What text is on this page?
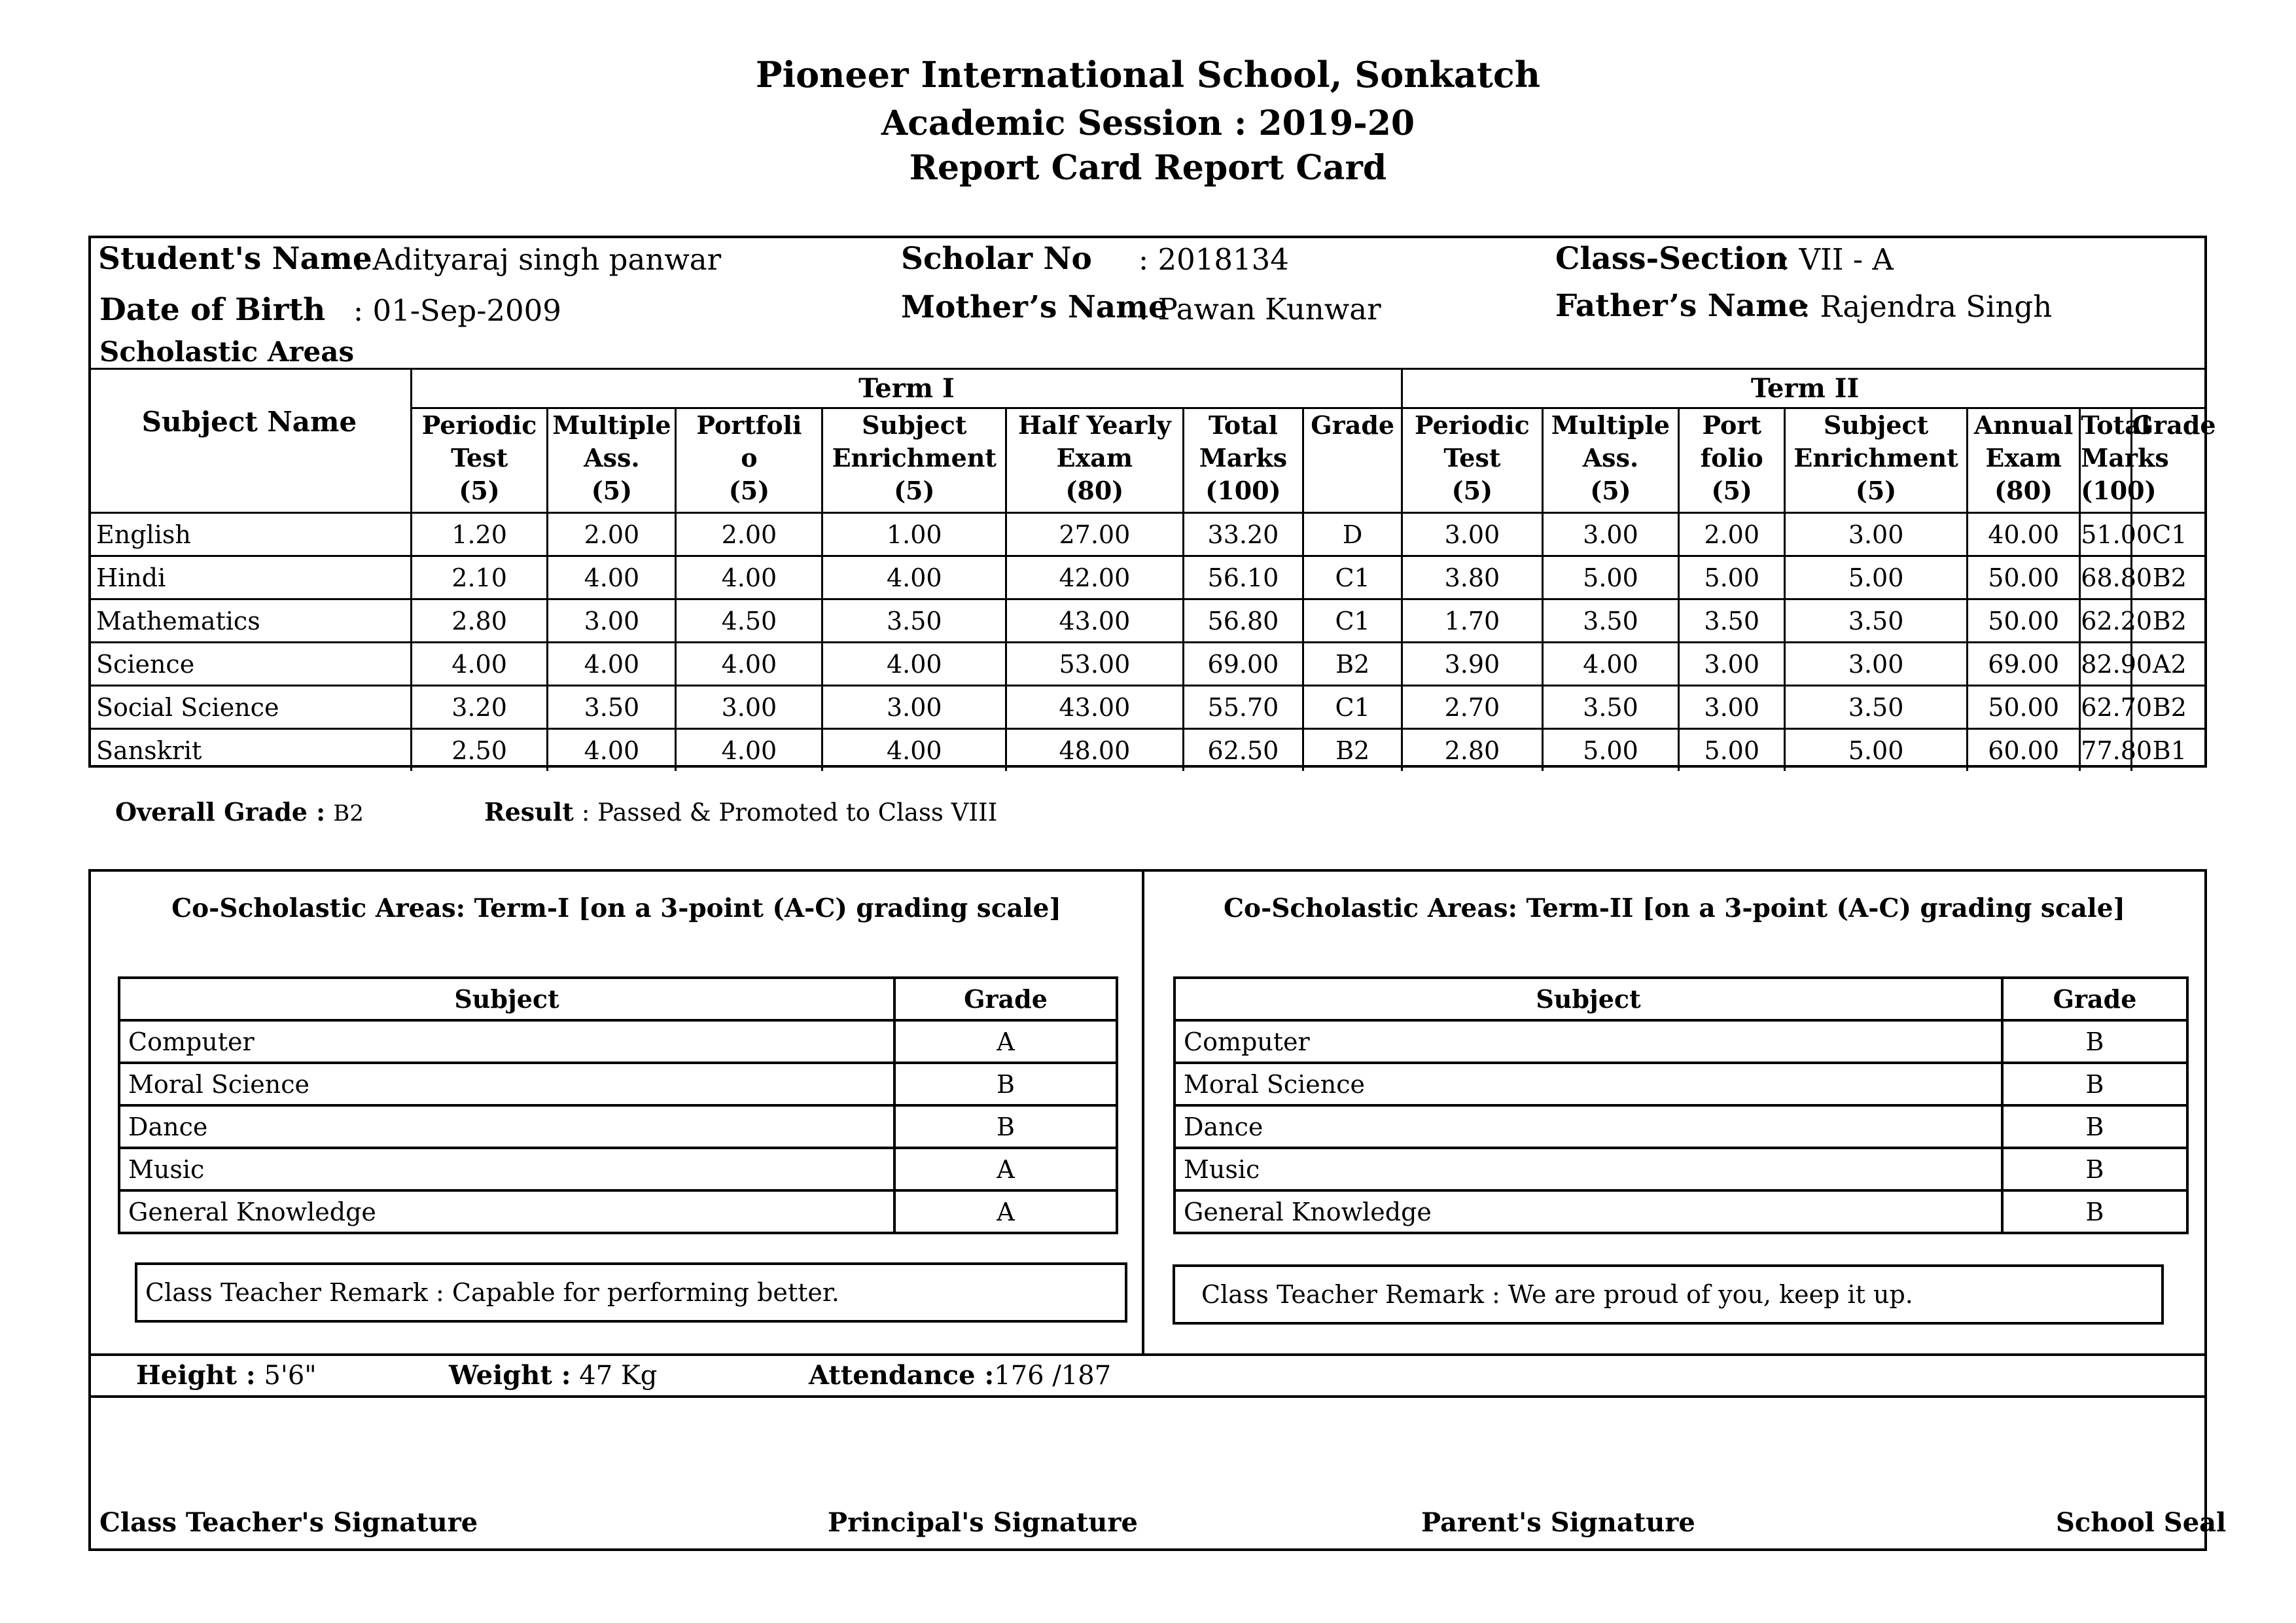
Pioneer International School, Sonkatch
Academic Session : 2019-20
Report Card Report Card
Student's Name
: Adityaraj singh panwar	Scholar No : 2018134	Class-Section
: VII - A
Date of Birth : 01-Sep-2009	Mother’s Name
: Pawan Kunwar	Father’s Name
: Rajendra Singh
Scholastic Areas
Subject Name	Term I							Term II						
	Periodic
Test
(5)	Multiple
Ass.
(5)	Portfoli
o
(5)	Subject
Enrichment
(5)	Half Yearly
Exam
(80)	Total
Marks
(100)	Grade	Periodic
Test
(5)	Multiple
Ass.
(5)	Port
folio
(5)	Subject
Enrichment
(5)	Annual
Exam
(80)	Total
Marks
(100)	Grade

English	1.20	2.00	2.00	1.00	27.00	33.20	D	3.00	3.00	2.00	3.00	40.00	51.00	C1
Hindi	2.10	4.00	4.00	4.00	42.00	56.10	C1	3.80	5.00	5.00	5.00	50.00	68.80	B2
Mathematics	2.80	3.00	4.50	3.50	43.00	56.80	C1	1.70	3.50	3.50	3.50	50.00	62.20	B2
Science	4.00	4.00	4.00	4.00	53.00	69.00	B2	3.90	4.00	3.00	3.00	69.00	82.90	A2
Social Science	3.20	3.50	3.00	3.00	43.00	55.70	C1	2.70	3.50	3.00	3.50	50.00	62.70	B2
Sanskrit	2.50	4.00	4.00	4.00	48.00	62.50	B2	2.80	5.00	5.00	5.00	60.00	77.80	B1
Overall Grade : B2	Result : Passed & Promoted to Class VIII
Co-Scholastic Areas: Term-I [on a 3-point (A-C) grading scale]	Co-Scholastic Areas: Term-II [on a 3-point (A-C) grading scale]
Subject	Grade
Computer	A
Moral Science	B
Dance	B
Music	A
General Knowledge	A
Subject	Grade
Computer	B
Moral Science	B
Dance	B
Music	B
General Knowledge	B
Class Teacher Remark : Capable for performing better.	Class Teacher Remark : We are proud of you, keep it up.
Height : 5'6"	Weight : 47 Kg	Attendance :176 /187
Class Teacher's Signature	Principal's Signature	Parent's Signature	School Seal
